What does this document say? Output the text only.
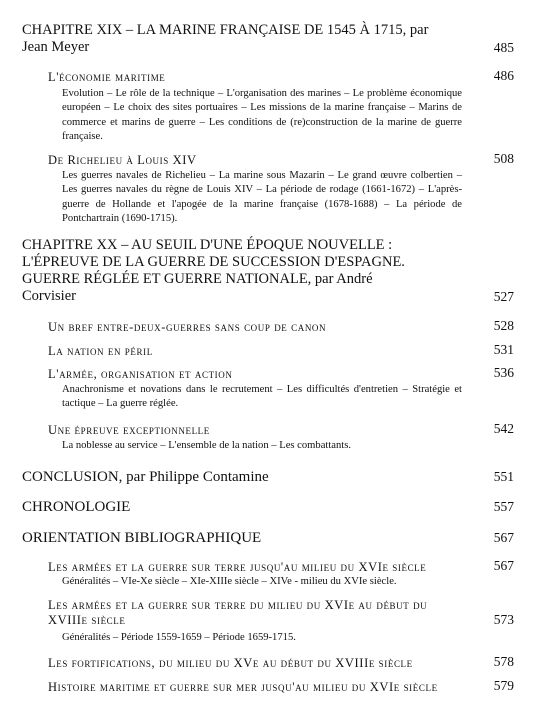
CHAPITRE XIX – LA MARINE FRANÇAISE DE 1545 À 1715, par
Jean Meyer	485
L'économie maritime	486
Evolution – Le rôle de la technique – L'organisation des marines – Le problème économique européen – Le choix des sites portuaires – Les missions de la marine française – Marins de commerce et marins de guerre – Les conditions de (re)construction de la marine de guerre française.
De Richelieu à Louis XIV	508
Les guerres navales de Richelieu – La marine sous Mazarin – Le grand œuvre colbertien – Les guerres navales du règne de Louis XIV – La période de rodage (1661-1672) – L'après-guerre de Hollande et l'apogée de la marine française (1678-1688) – La période de Pontchartrain (1690-1715).
CHAPITRE XX – AU SEUIL D'UNE ÉPOQUE NOUVELLE :
L'ÉPREUVE DE LA GUERRE DE SUCCESSION D'ESPAGNE.
GUERRE RÉGLÉE ET GUERRE NATIONALE, par André
Corvisier	527
Un bref entre-deux-guerres sans coup de canon	528
La nation en péril	531
L'armée, organisation et action	536
Anachronisme et novations dans le recrutement – Les difficultés d'entretien – Stratégie et tactique – La guerre réglée.
Une épreuve exceptionnelle	542
La noblesse au service – L'ensemble de la nation – Les combattants.
CONCLUSION, par Philippe Contamine	551
CHRONOLOGIE	557
ORIENTATION BIBLIOGRAPHIQUE	567
Les armées et la guerre sur terre jusqu'au milieu du XVIe siècle	567
Généralités – VIe-Xe siècle – XIe-XIIIe siècle – XIVe - milieu du XVIe siècle.
Les armées et la guerre sur terre du milieu du XVIe au début du
XVIIIe siècle	573
Généralités – Période 1559-1659 – Période 1659-1715.
Les fortifications, du milieu du XVe au début du XVIIIe siècle	578
Histoire maritime et guerre sur mer jusqu'au milieu du XVIe siècle	579
